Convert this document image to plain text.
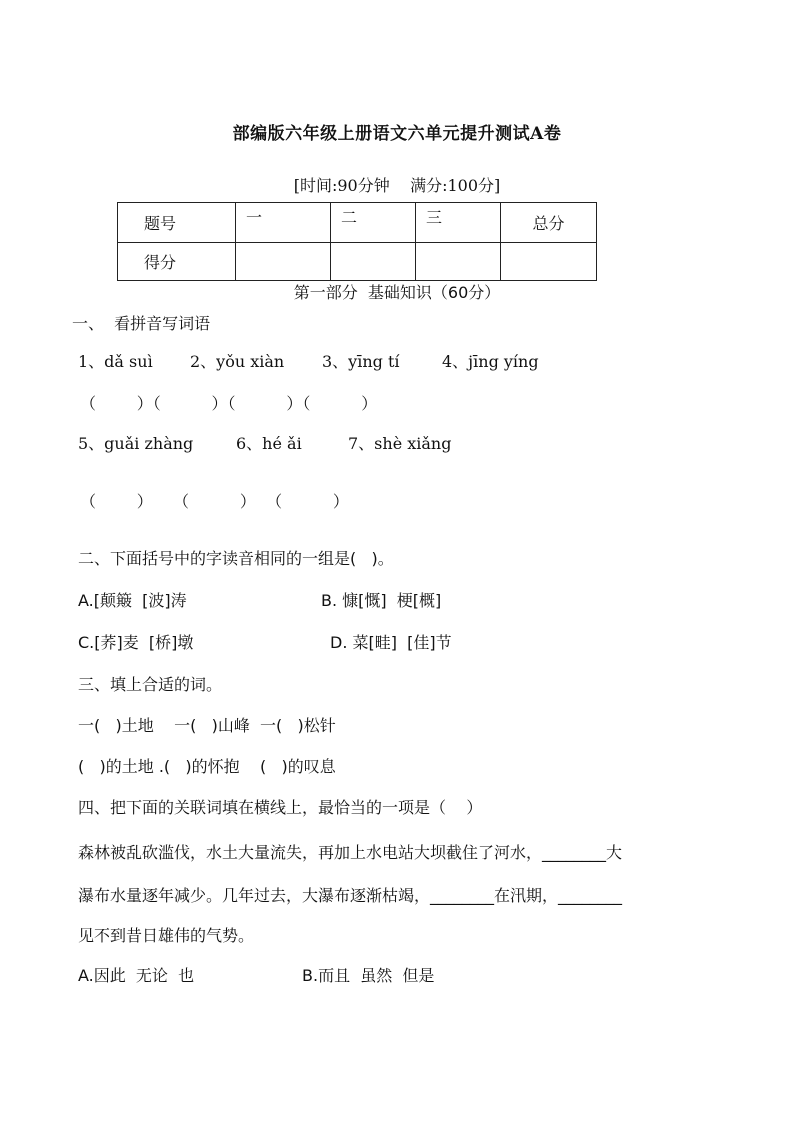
部编版六年级上册语文六单元提升测试A卷
[时间:90分钟    满分:100分]
题号	一	二	三	总分
得分				
第一部分  基础知识（60分）
一、  看拼音写词语

1、dǎ suì

2、yǒu xiàn

3、yīng tí

	4、jīng yíng

（        ）（          ）（          ）（          ）

5、guǎi zhàng

	6、hé ǎi

	7、shè xiǎng

（        ）    （          ）  （          ）
二、下面括号中的字读音相同的一组是(   )。
A.[颠簸  [波]涛	B. 慷[慨]  梗[概]
C.[荞]麦  [桥]墩	D. 菜[畦]  [佳]节
三、填上合适的词。
一(   )土地    一(   )山峰  一(   )松针
(   )的土地 .(   )的怀抱    (   )的叹息
四、把下面的关联词填在横线上，最恰当的一项是（    ）
森林被乱砍滥伐，水土大量流失，再加上水电站大坝截住了河水，________大
瀑布水量逐年减少。几年过去，大瀑布逐渐枯竭，________在汛期，________
见不到昔日雄伟的气势。
A.因此  无论  也	B.而且  虽然  但是
